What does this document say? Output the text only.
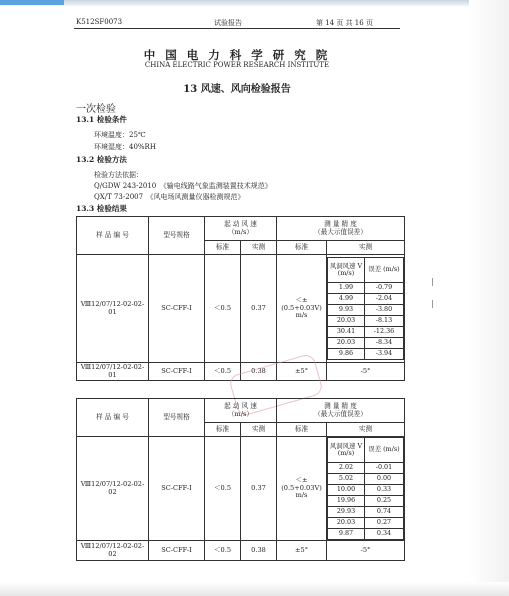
K512SF0073	试验报告	第 14 页 共 16 页
中 国 电 力 科 学 研 究 院
CHINA ELECTRIC POWER RESEARCH INSTITUTE
13 风速、风向检验报告
一次检验
13.1 检验条件
环境温度：25℃
环境湿度：40%RH
13.2 检验方法
检验方法依据：
Q/GDW 243-2010　《输电线路气象监测装置技术规范》
QX/T 73-2007　《风电场风测量仪器检测规范》
13.3 检验结果
样 品 编 号	型号规格	起 动 风 速
（m/s）	测 量 精 度
（最大示值误差）
标准	实测	标准	实测
Ⅷ12/07/12-02-02-01	SC-CFF-Ⅰ	＜0.5	0.37	＜±(0.5+0.03V) m/s	
风洞风速 V (m/s)	误差 (m/s)
1.99	-0.79
4.99	-2.04
9.93	-3.80
20.03	-8.13
30.41	-12.36
20.03	-8.34
9.86	-3.94

Ⅷ12/07/12-02-02-01	SC-CFF-Ⅰ	＜0.5	0.38	±5°	-5°
样 品 编 号	型号规格	起 动 风 速
（m/s）	测 量 精 度
（最大示值误差）
标准	实测	标准	实测
Ⅷ12/07/12-02-02-02	SC-CFF-Ⅰ	＜0.5	0.37	＜±(0.5+0.03V) m/s	
风洞风速 V (m/s)	误差 (m/s)
2.02	-0.01
5.02	0.00
10.00	0.33
19.96	0.25
29.93	0.74
20.03	0.27
9.87	0.34

Ⅷ12/07/12-02-02-02	SC-CFF-Ⅰ	＜0.5	0.38	±5°	-5°
